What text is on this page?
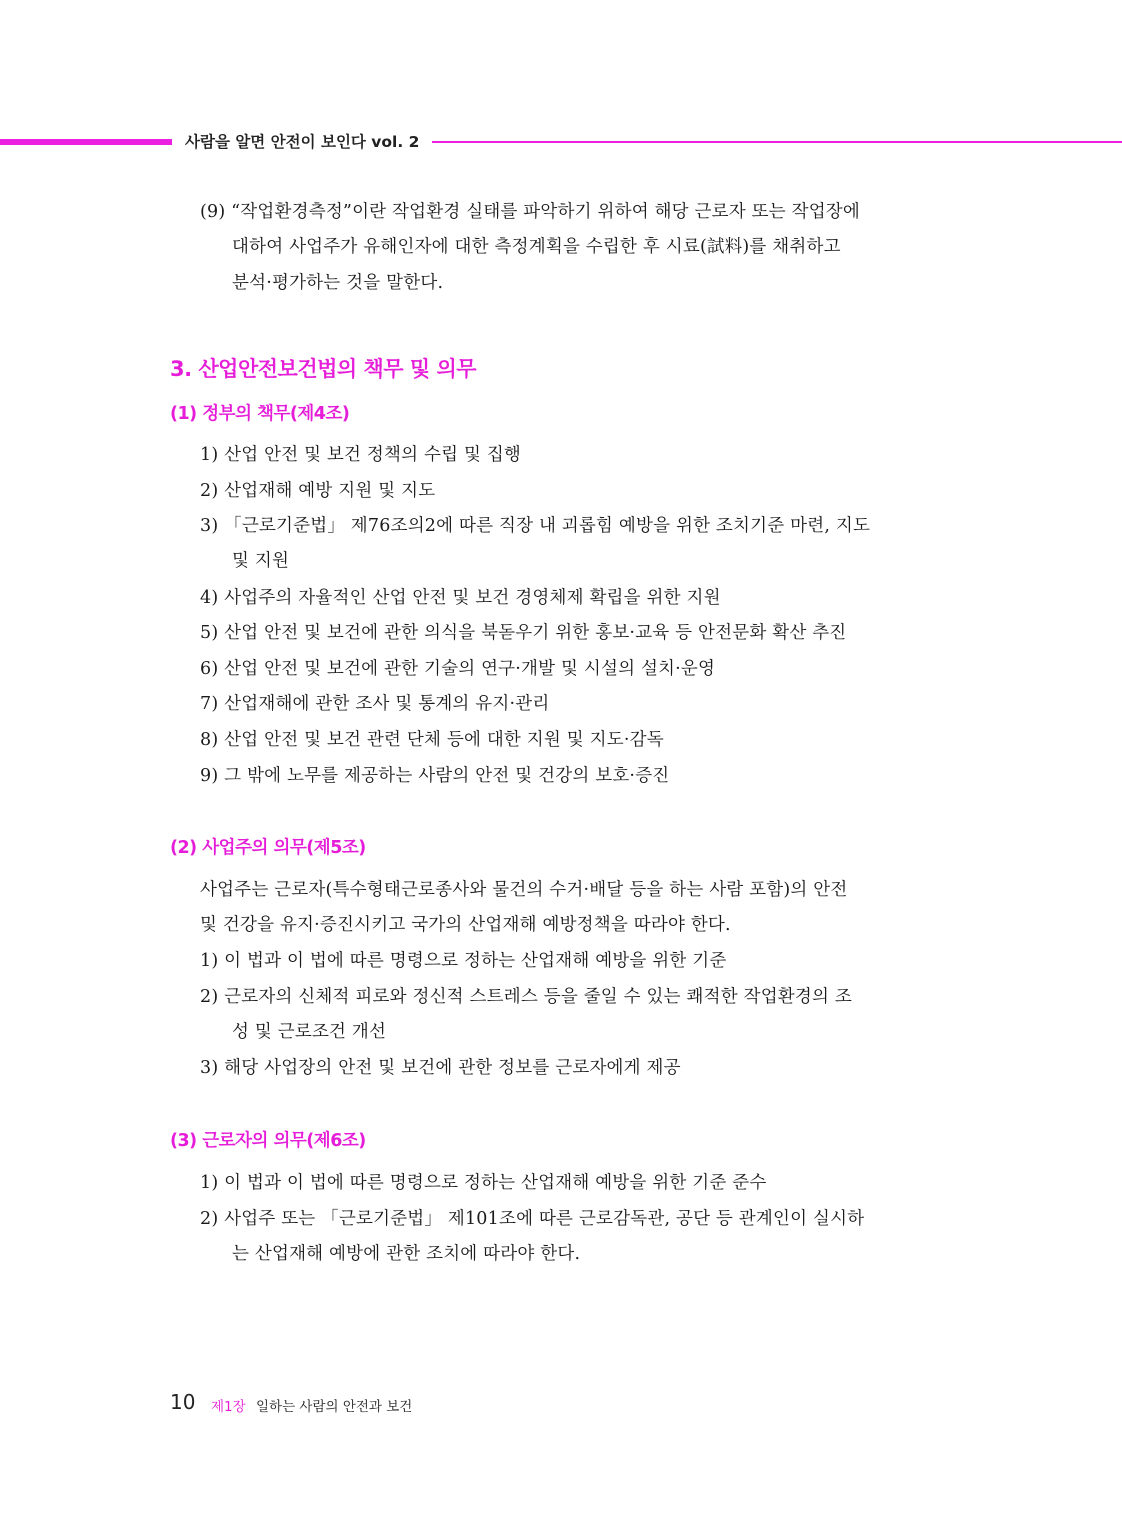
사람을 알면 안전이 보인다 vol. 2
(9) “작업환경측정”이란 작업환경 실태를 파악하기 위하여 해당 근로자 또는 작업장에
대하여 사업주가 유해인자에 대한 측정계획을 수립한 후 시료(試料)를 채취하고
분석·평가하는 것을 말한다.
3. 산업안전보건법의 책무 및 의무
(1) 정부의 책무(제4조)
1) 산업 안전 및 보건 정책의 수립 및 집행
2) 산업재해 예방 지원 및 지도
3) 「근로기준법」 제76조의2에 따른 직장 내 괴롭힘 예방을 위한 조치기준 마련, 지도
및 지원
4) 사업주의 자율적인 산업 안전 및 보건 경영체제 확립을 위한 지원
5) 산업 안전 및 보건에 관한 의식을 북돋우기 위한 홍보·교육 등 안전문화 확산 추진
6) 산업 안전 및 보건에 관한 기술의 연구·개발 및 시설의 설치·운영
7) 산업재해에 관한 조사 및 통계의 유지·관리
8) 산업 안전 및 보건 관련 단체 등에 대한 지원 및 지도·감독
9) 그 밖에 노무를 제공하는 사람의 안전 및 건강의 보호·증진
(2) 사업주의 의무(제5조)
사업주는 근로자(특수형태근로종사와 물건의 수거·배달 등을 하는 사람 포함)의 안전
및 건강을 유지·증진시키고 국가의 산업재해 예방정책을 따라야 한다.
1) 이 법과 이 법에 따른 명령으로 정하는 산업재해 예방을 위한 기준
2) 근로자의 신체적 피로와 정신적 스트레스 등을 줄일 수 있는 쾌적한 작업환경의 조
성 및 근로조건 개선
3) 해당 사업장의 안전 및 보건에 관한 정보를 근로자에게 제공
(3) 근로자의 의무(제6조)
1) 이 법과 이 법에 따른 명령으로 정하는 산업재해 예방을 위한 기준 준수
2) 사업주 또는 「근로기준법」 제101조에 따른 근로감독관, 공단 등 관계인이 실시하
는 산업재해 예방에 관한 조치에 따라야 한다.
10 제1장 일하는 사람의 안전과 보건
